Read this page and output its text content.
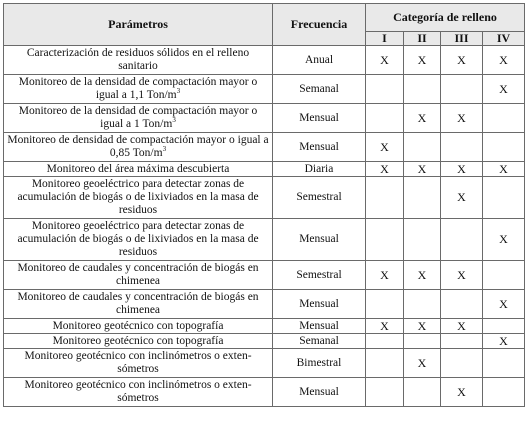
Parámetros	Frecuencia	Categoría de relleno			
		I	II	III	IV
Caracterización de residuos sólidos en el relleno sanitario	Anual	X	X	X	X
Monitoreo de la densidad de compactación mayor o igual a 1,1 Ton/$m^3$	Semanal				X
Monitoreo de la densidad de compactación mayor o igual a 1 Ton/$m^3$	Mensual		X	X	
Monitoreo de densidad de compactación mayor o igual a 0,85 Ton/$m^3$	Mensual	X			
Monitoreo del área máxima descubierta	Diaria	X	X	X	X
Monitoreo geoeléctrico para detectar zonas de acumulación de biogás o de lixiviados en la masa de residuos	Semestral			X	
Monitoreo geoeléctrico para detectar zonas de acumulación de biogás o de lixiviados en la masa de residuos	Mensual				X
Monitoreo de caudales y concentración de biogás en chimenea	Semestral	X	X	X	
Monitoreo de caudales y concentración de biogás en chimenea	Mensual				X
Monitoreo geotécnico con topografía	Mensual	X	X	X	
Monitoreo geotécnico con topografía	Semanal				X
Monitoreo geotécnico con inclinómetros o exten-sómetros	Bimestral		X		
Monitoreo geotécnico con inclinómetros o exten-sómetros	Mensual			X	
